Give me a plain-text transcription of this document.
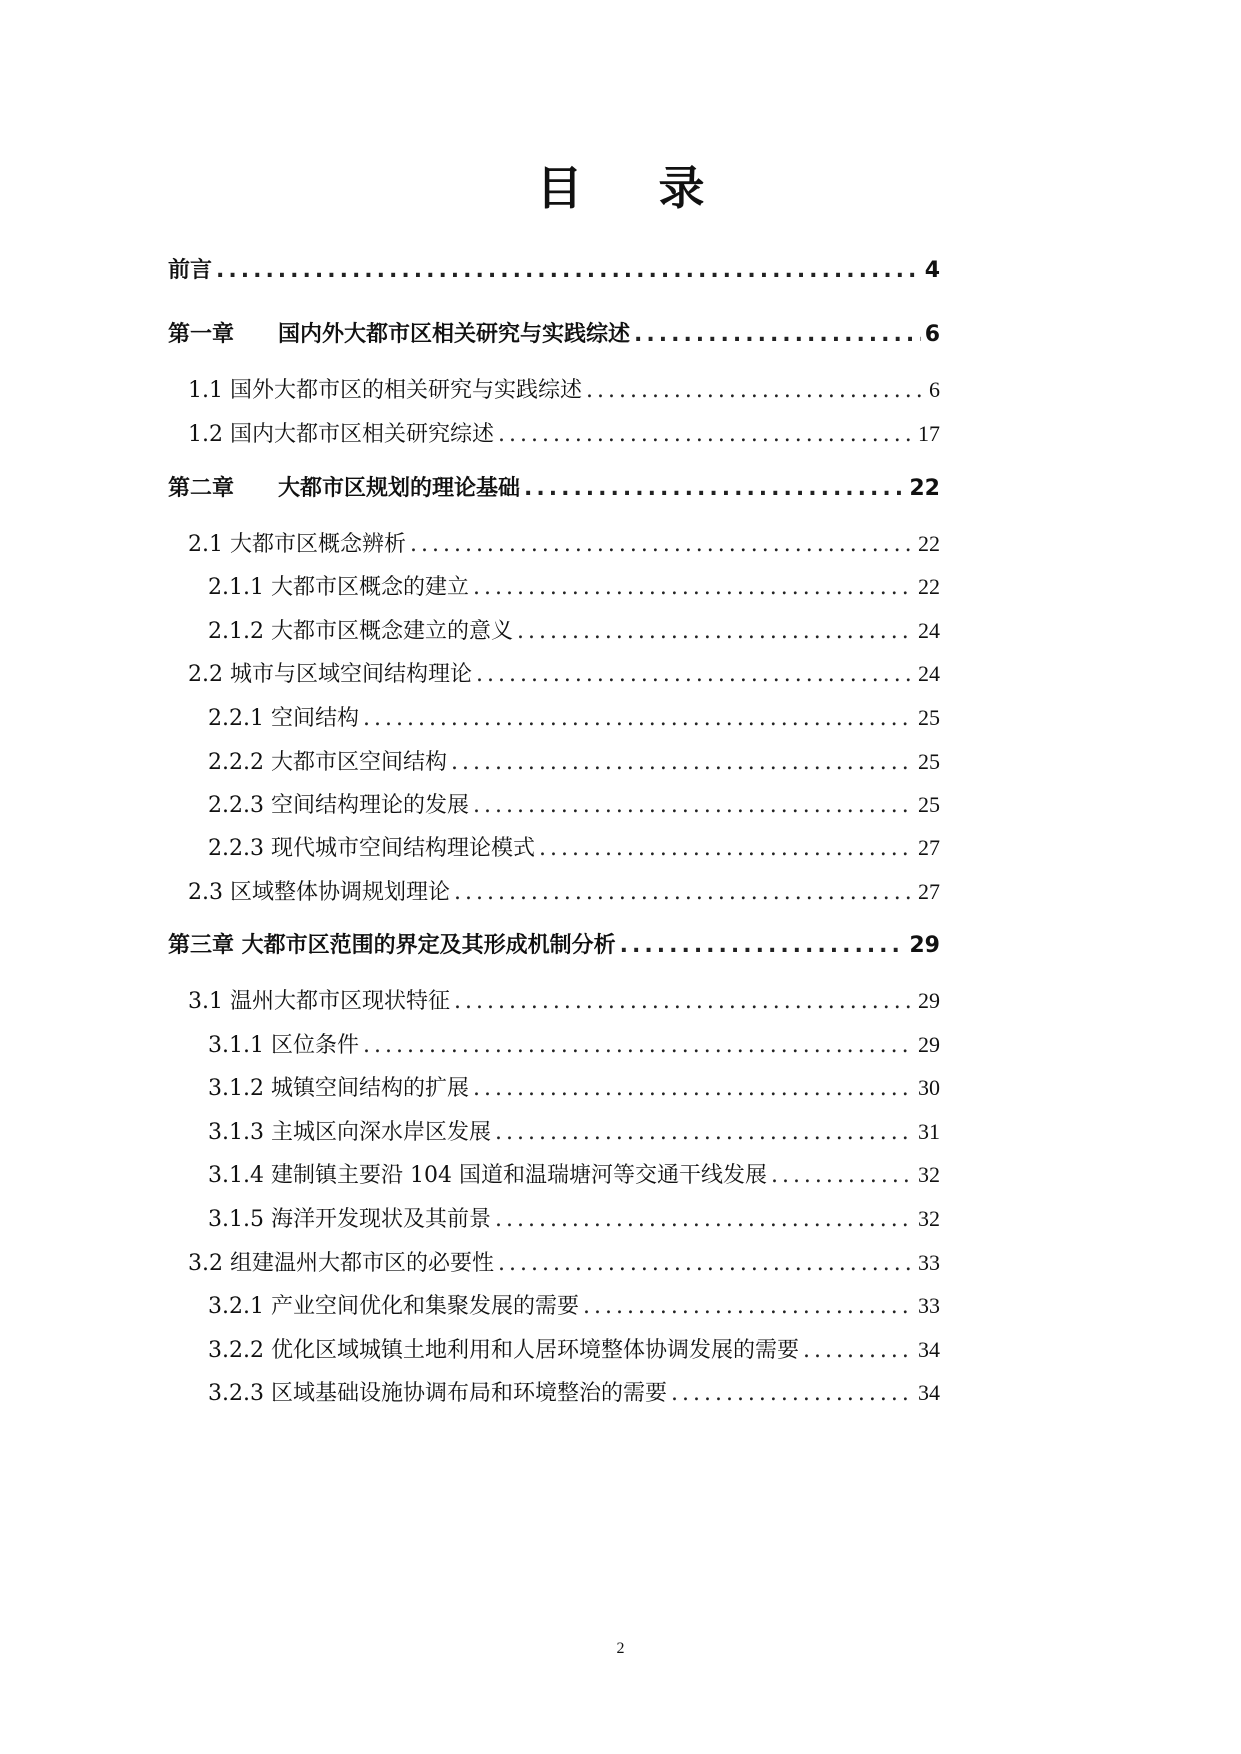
目 录
前言 .....	4
第一章　　国内外大都市区相关研究与实践综述 .....	6
1.1 国外大都市区的相关研究与实践综述 .....	6
1.2 国内大都市区相关研究综述 .....	17
第二章　　大都市区规划的理论基础 .....	22
2.1 大都市区概念辨析 .....	22
2.1.1 大都市区概念的建立 .....	22
2.1.2 大都市区概念建立的意义 .....	24
2.2 城市与区域空间结构理论 .....	24
2.2.1 空间结构 .....	25
2.2.2 大都市区空间结构 .....	25
2.2.3 空间结构理论的发展 .....	25
2.2.3 现代城市空间结构理论模式 .....	27
2.3 区域整体协调规划理论 .....	27
第三章 大都市区范围的界定及其形成机制分析 .....	29
3.1 温州大都市区现状特征 .....	29
3.1.1 区位条件 .....	29
3.1.2 城镇空间结构的扩展 .....	30
3.1.3 主城区向深水岸区发展 .....	31
3.1.4 建制镇主要沿 104 国道和温瑞塘河等交通干线发展 .....	32
3.1.5 海洋开发现状及其前景 .....	32
3.2 组建温州大都市区的必要性 .....	33
3.2.1 产业空间优化和集聚发展的需要 .....	33
3.2.2 优化区域城镇土地利用和人居环境整体协调发展的需要 .....	34
3.2.3 区域基础设施协调布局和环境整治的需要 .....	34
2
